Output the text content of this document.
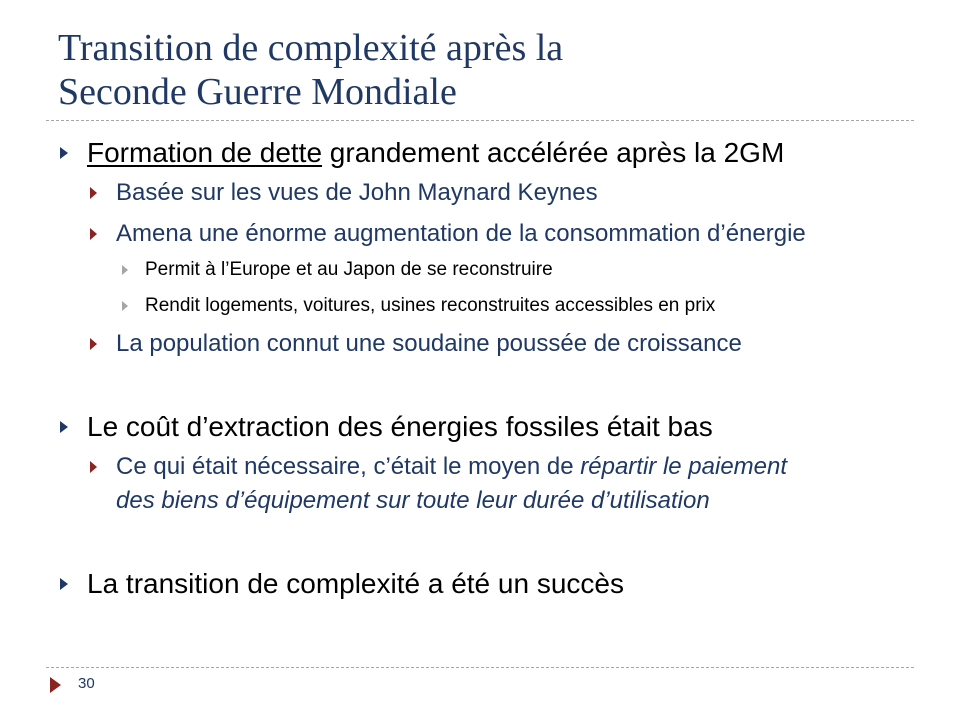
Transition de complexité après la
Seconde Guerre Mondiale
Formation de dette grandement accélérée après la 2GM
Basée sur les vues de John Maynard Keynes
Amena une énorme augmentation de la consommation d’énergie
Permit à l’Europe et au Japon de se reconstruire
Rendit logements, voitures, usines reconstruites accessibles en prix
La population connut une soudaine poussée de croissance
Le coût d’extraction des énergies fossiles était bas
Ce qui était nécessaire, c’était le moyen de répartir le paiement
des biens d’équipement sur toute leur durée d’utilisation
La transition de complexité a été un succès
30
